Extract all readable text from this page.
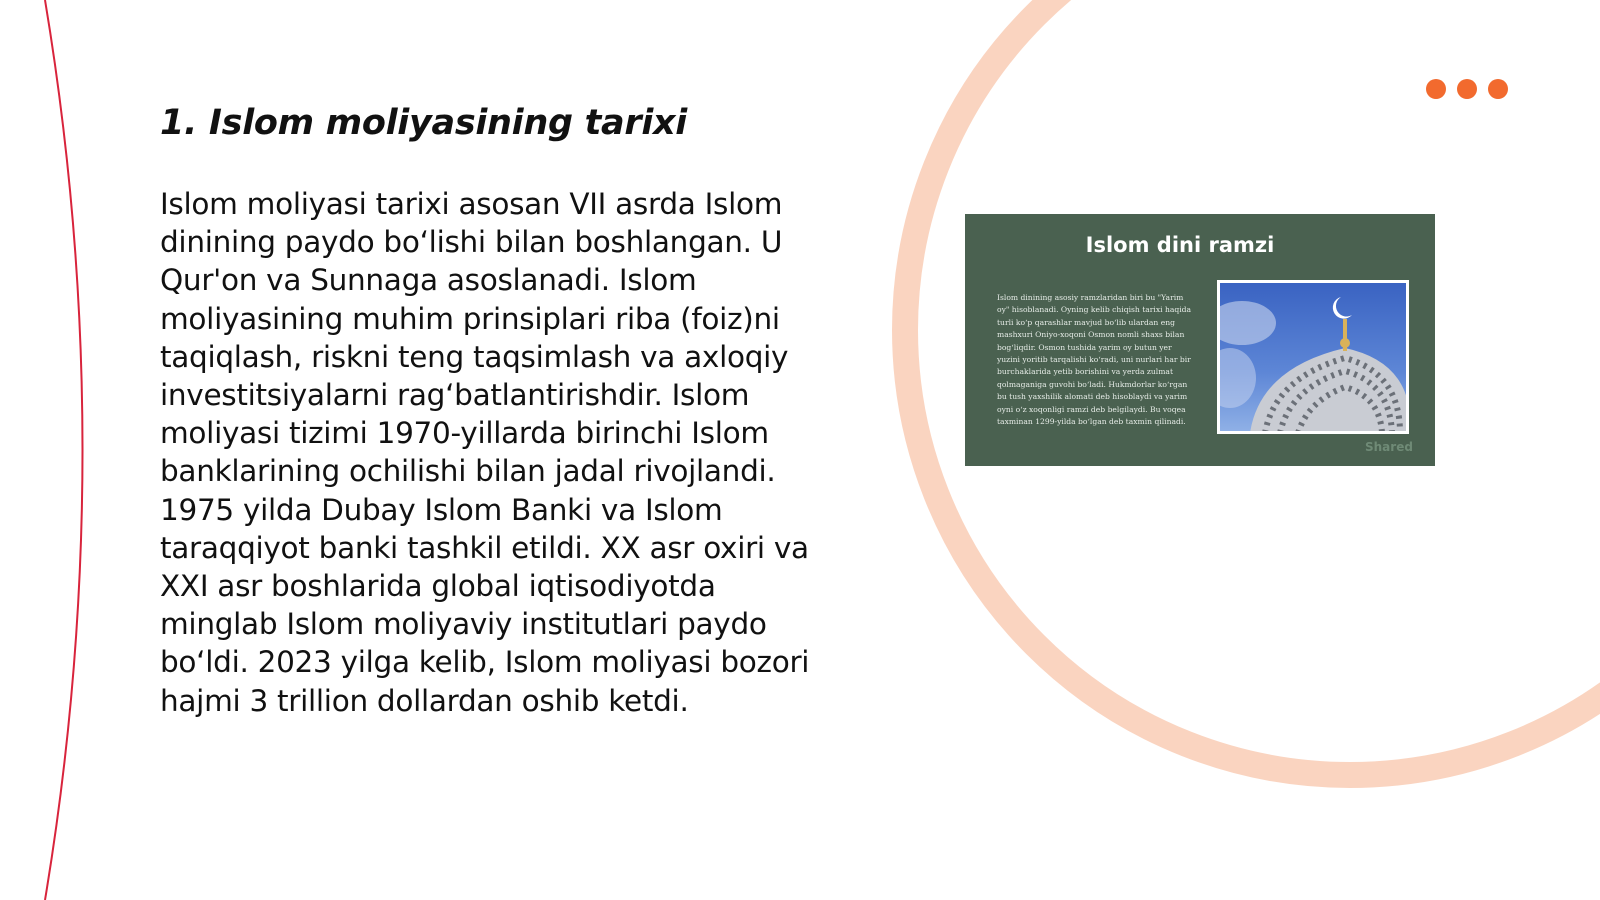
1. Islom moliyasining tarixi

Islom moliyasi tarixi asosan VII asrda Islom dinining paydo bo‘lishi bilan boshlangan. U Qur'on va Sunnaga asoslanadi. Islom moliyasining muhim prinsiplari riba (foiz)ni taqiqlash, riskni teng taqsimlash va axloqiy investitsiyalarni rag‘batlantirishdir. Islom moliyasi tizimi 1970-yillarda birinchi Islom banklarining ochilishi bilan jadal rivojlandi. 1975 yilda Dubay Islom Banki va Islom taraqqiyot banki tashkil etildi. XX asr oxiri va XXI asr boshlarida global iqtisodiyotda minglab Islom moliyaviy institutlari paydo bo‘ldi. 2023 yilga kelib, Islom moliyasi bozori hajmi 3 trillion dollardan oshib ketdi.

Islom dini ramzi

Islom dinining asosiy ramzlaridan biri bu "Yarim oy" hisoblanadi. Oyning kelib chiqish tarixi haqida turli ko‘p qarashlar mavjud bo‘lib ulardan eng mashxuri Oniyo-xoqoni Osmon nomli shaxs bilan bog‘liqdir. Osmon tushida yarim oy butun yer yuzini yoritib tarqalishi ko‘radi, uni nurlari har bir burchaklarida yetib borishini va yerda zulmat qolmaganiga guvohi bo‘ladi. Hukmdorlar ko‘rgan bu tush yaxshilik alomati deb hisoblaydi va yarim oyni o‘z xoqonligi ramzi deb belgilaydi. Bu voqea taxminan 1299-yilda bo‘lgan deb taxmin qilinadi.

Shared
